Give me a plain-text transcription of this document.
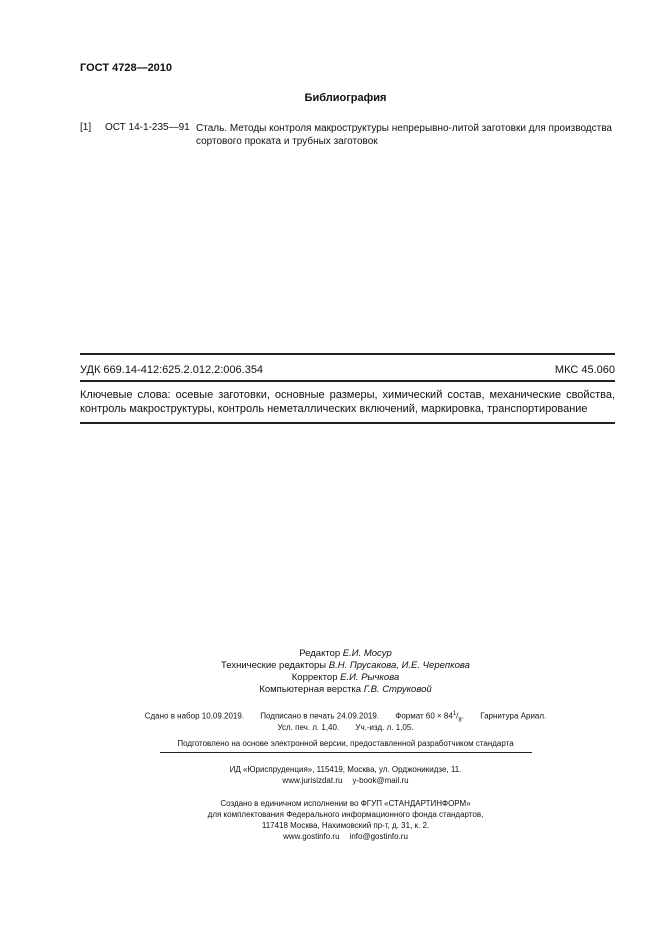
ГОСТ 4728—2010
Библиография
[1] ОСТ 14-1-235—91 Сталь. Методы контроля макроструктуры непрерывно-литой заготовки для производства сортового проката и трубных заготовок
УДК 669.14-412:625.2.012.2:006.354	МКС 45.060
Ключевые слова: осевые заготовки, основные размеры, химический состав, механические свойства, контроль макроструктуры, контроль неметаллических включений, маркировка, транспортирование
Редактор Е.И. Мосур
Технические редакторы В.Н. Прусакова, И.Е. Черепкова
Корректор Е.И. Рычкова
Компьютерная верстка Г.В. Струковой
Сдано в набор 10.09.2019. Подписано в печать 24.09.2019. Формат $60 \times 84^1/_8$. Гарнитура Ариал.
Усл. печ. л. 1,40. Уч.-изд. л. 1,05.
Подготовлено на основе электронной версии, предоставленной разработчиком стандарта
ИД «Юриспруденция», 115419, Москва, ул. Орджоникидзе, 11.
www.jurisizdat.ru y-book@mail.ru
Создано в единичном исполнении во ФГУП «СТАНДАРТИНФОРМ»
для комплектования Федерального информационного фонда стандартов,
117418 Москва, Нахимовский пр-т, д. 31, к. 2.
www.gostinfo.ru info@gostinfo.ru
